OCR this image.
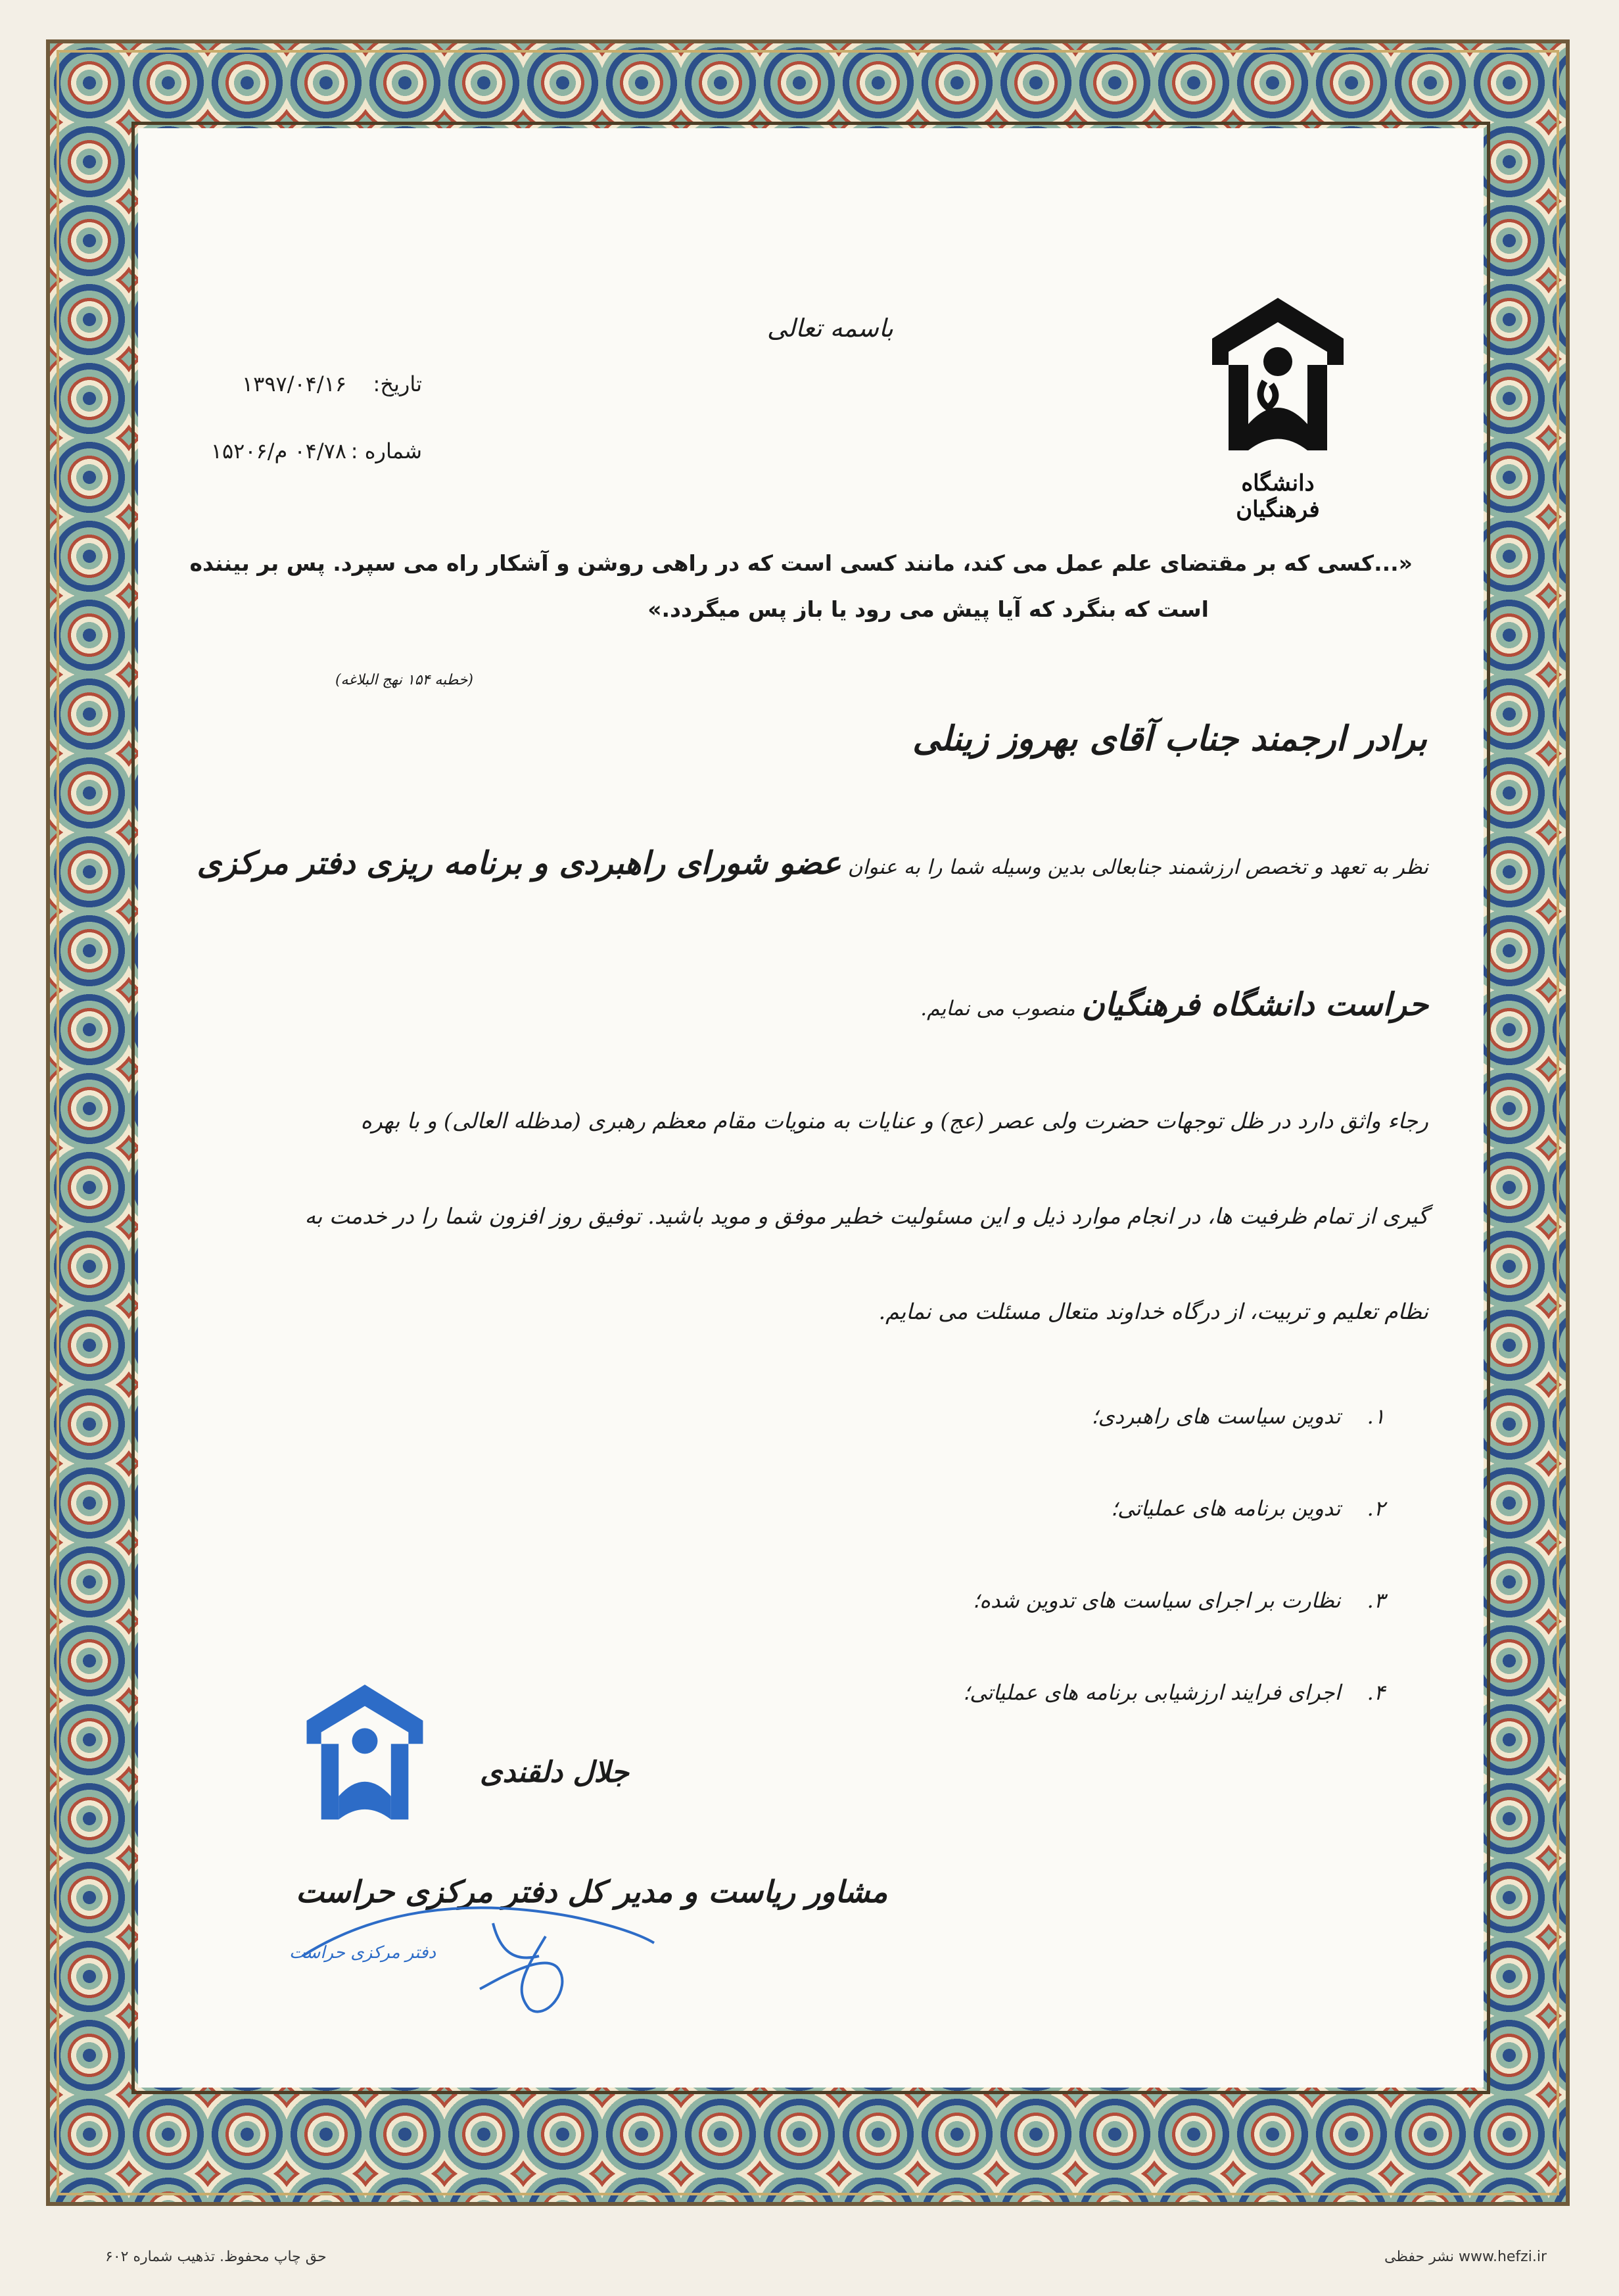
دانشگاه فرهنگیان
باسمه تعالی
تاریخ:
۱۳۹۷/۰۴/۱۶
شماره :
۰۴/۷۸ م/۱۵۲۰۶
«...کسی که بر مقتضای علم عمل می کند، مانند کسی است که در راهی روشن و آشکار راه می سپرد. پس بر بیننده
است که بنگرد که آیا پیش می رود یا باز پس میگردد.»
(خطبه ۱۵۴ نهج البلاغه)
برادر ارجمند جناب آقای بهروز زینلی
نظر به تعهد و تخصص ارزشمند جنابعالی بدین وسیله شما را به عنوان عضو شورای راهبردی و برنامه ریزی دفتر مرکزی
حراست دانشگاه فرهنگیان منصوب می نمایم.
رجاء واثق دارد در ظل توجهات حضرت ولی عصر (عج) و عنایات به منویات مقام معظم رهبری (مدظله العالی) و با بهره
گیری از تمام ظرفیت ها، در انجام موارد ذیل و این مسئولیت خطیر موفق و موید باشید. توفیق روز افزون شما را در خدمت به
نظام تعلیم و تربیت، از درگاه خداوند متعال مسئلت می نمایم.
۱. تدوین سیاست های راهبردی؛
۲. تدوین برنامه های عملیاتی؛
۳. نظارت بر اجرای سیاست های تدوین شده؛
۴. اجرای فرایند ارزشیابی برنامه های عملیاتی؛
جلال دلقندی
مشاور ریاست و مدیر کل دفتر مرکزی حراست
دفتر مرکزی حراست
حق چاپ محفوظ. تذهیب شماره ۶۰۲	www.hefzi.ir نشر حفظی
